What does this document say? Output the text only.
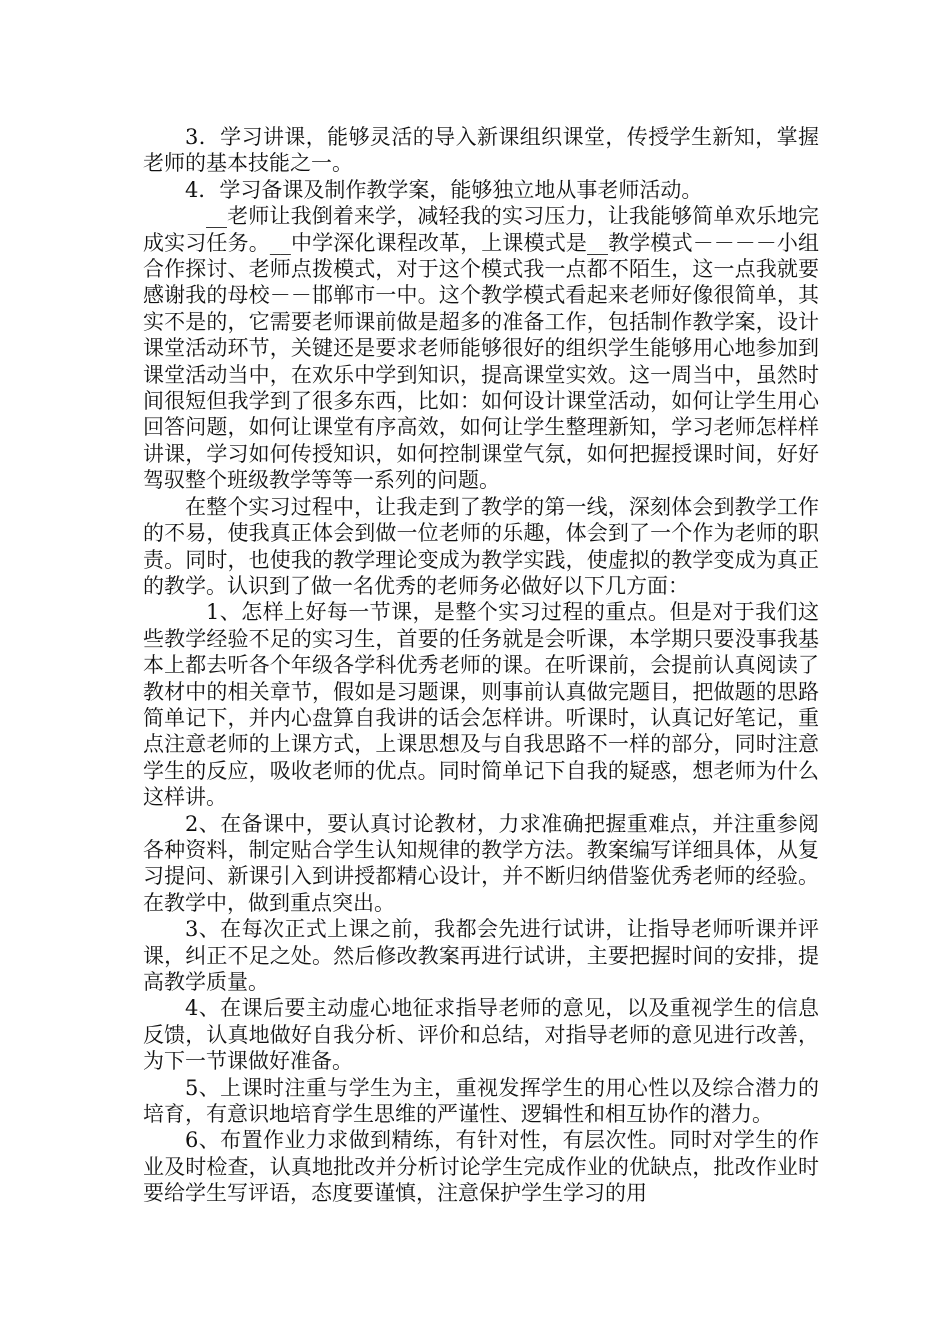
3．学习讲课，能够灵活的导入新课组织课堂，传授学生新知，掌握老师的基本技能之一。

4．学习备课及制作教学案，能够独立地从事老师活动。

__老师让我倒着来学，减轻我的实习压力，让我能够简单欢乐地完成实习任务。__中学深化课程改革，上课模式是__教学模式－－－－小组合作探讨、老师点拨模式，对于这个模式我一点都不陌生，这一点我就要感谢我的母校－－邯郸市一中。这个教学模式看起来老师好像很简单，其实不是的，它需要老师课前做是超多的准备工作，包括制作教学案，设计课堂活动环节，关键还是要求老师能够很好的组织学生能够用心地参加到课堂活动当中，在欢乐中学到知识，提高课堂实效。这一周当中，虽然时间很短但我学到了很多东西，比如：如何设计课堂活动，如何让学生用心回答问题，如何让课堂有序高效，如何让学生整理新知，学习老师怎样样讲课，学习如何传授知识，如何控制课堂气氛，如何把握授课时间，好好驾驭整个班级教学等等一系列的问题。

在整个实习过程中，让我走到了教学的第一线，深刻体会到教学工作的不易，使我真正体会到做一位老师的乐趣，体会到了一个作为老师的职责。同时，也使我的教学理论变成为教学实践，使虚拟的教学变成为真正的教学。认识到了做一名优秀的老师务必做好以下几方面：

1、怎样上好每一节课，是整个实习过程的重点。但是对于我们这些教学经验不足的实习生，首要的任务就是会听课，本学期只要没事我基本上都去听各个年级各学科优秀老师的课。在听课前，会提前认真阅读了教材中的相关章节，假如是习题课，则事前认真做完题目，把做题的思路简单记下，并内心盘算自我讲的话会怎样讲。听课时，认真记好笔记，重点注意老师的上课方式，上课思想及与自我思路不一样的部分，同时注意学生的反应，吸收老师的优点。同时简单记下自我的疑惑，想老师为什么这样讲。

2、在备课中，要认真讨论教材，力求准确把握重难点，并注重参阅各种资料，制定贴合学生认知规律的教学方法。教案编写详细具体，从复习提问、新课引入到讲授都精心设计，并不断归纳借鉴优秀老师的经验。在教学中，做到重点突出。

3、在每次正式上课之前，我都会先进行试讲，让指导老师听课并评课，纠正不足之处。然后修改教案再进行试讲，主要把握时间的安排，提高教学质量。

4、在课后要主动虚心地征求指导老师的意见，以及重视学生的信息反馈，认真地做好自我分析、评价和总结，对指导老师的意见进行改善，为下一节课做好准备。

5、上课时注重与学生为主，重视发挥学生的用心性以及综合潜力的培育，有意识地培育学生思维的严谨性、逻辑性和相互协作的潜力。

6、布置作业力求做到精练，有针对性，有层次性。同时对学生的作业及时检查，认真地批改并分析讨论学生完成作业的优缺点，批改作业时要给学生写评语，态度要谨慎，注意保护学生学习的用
